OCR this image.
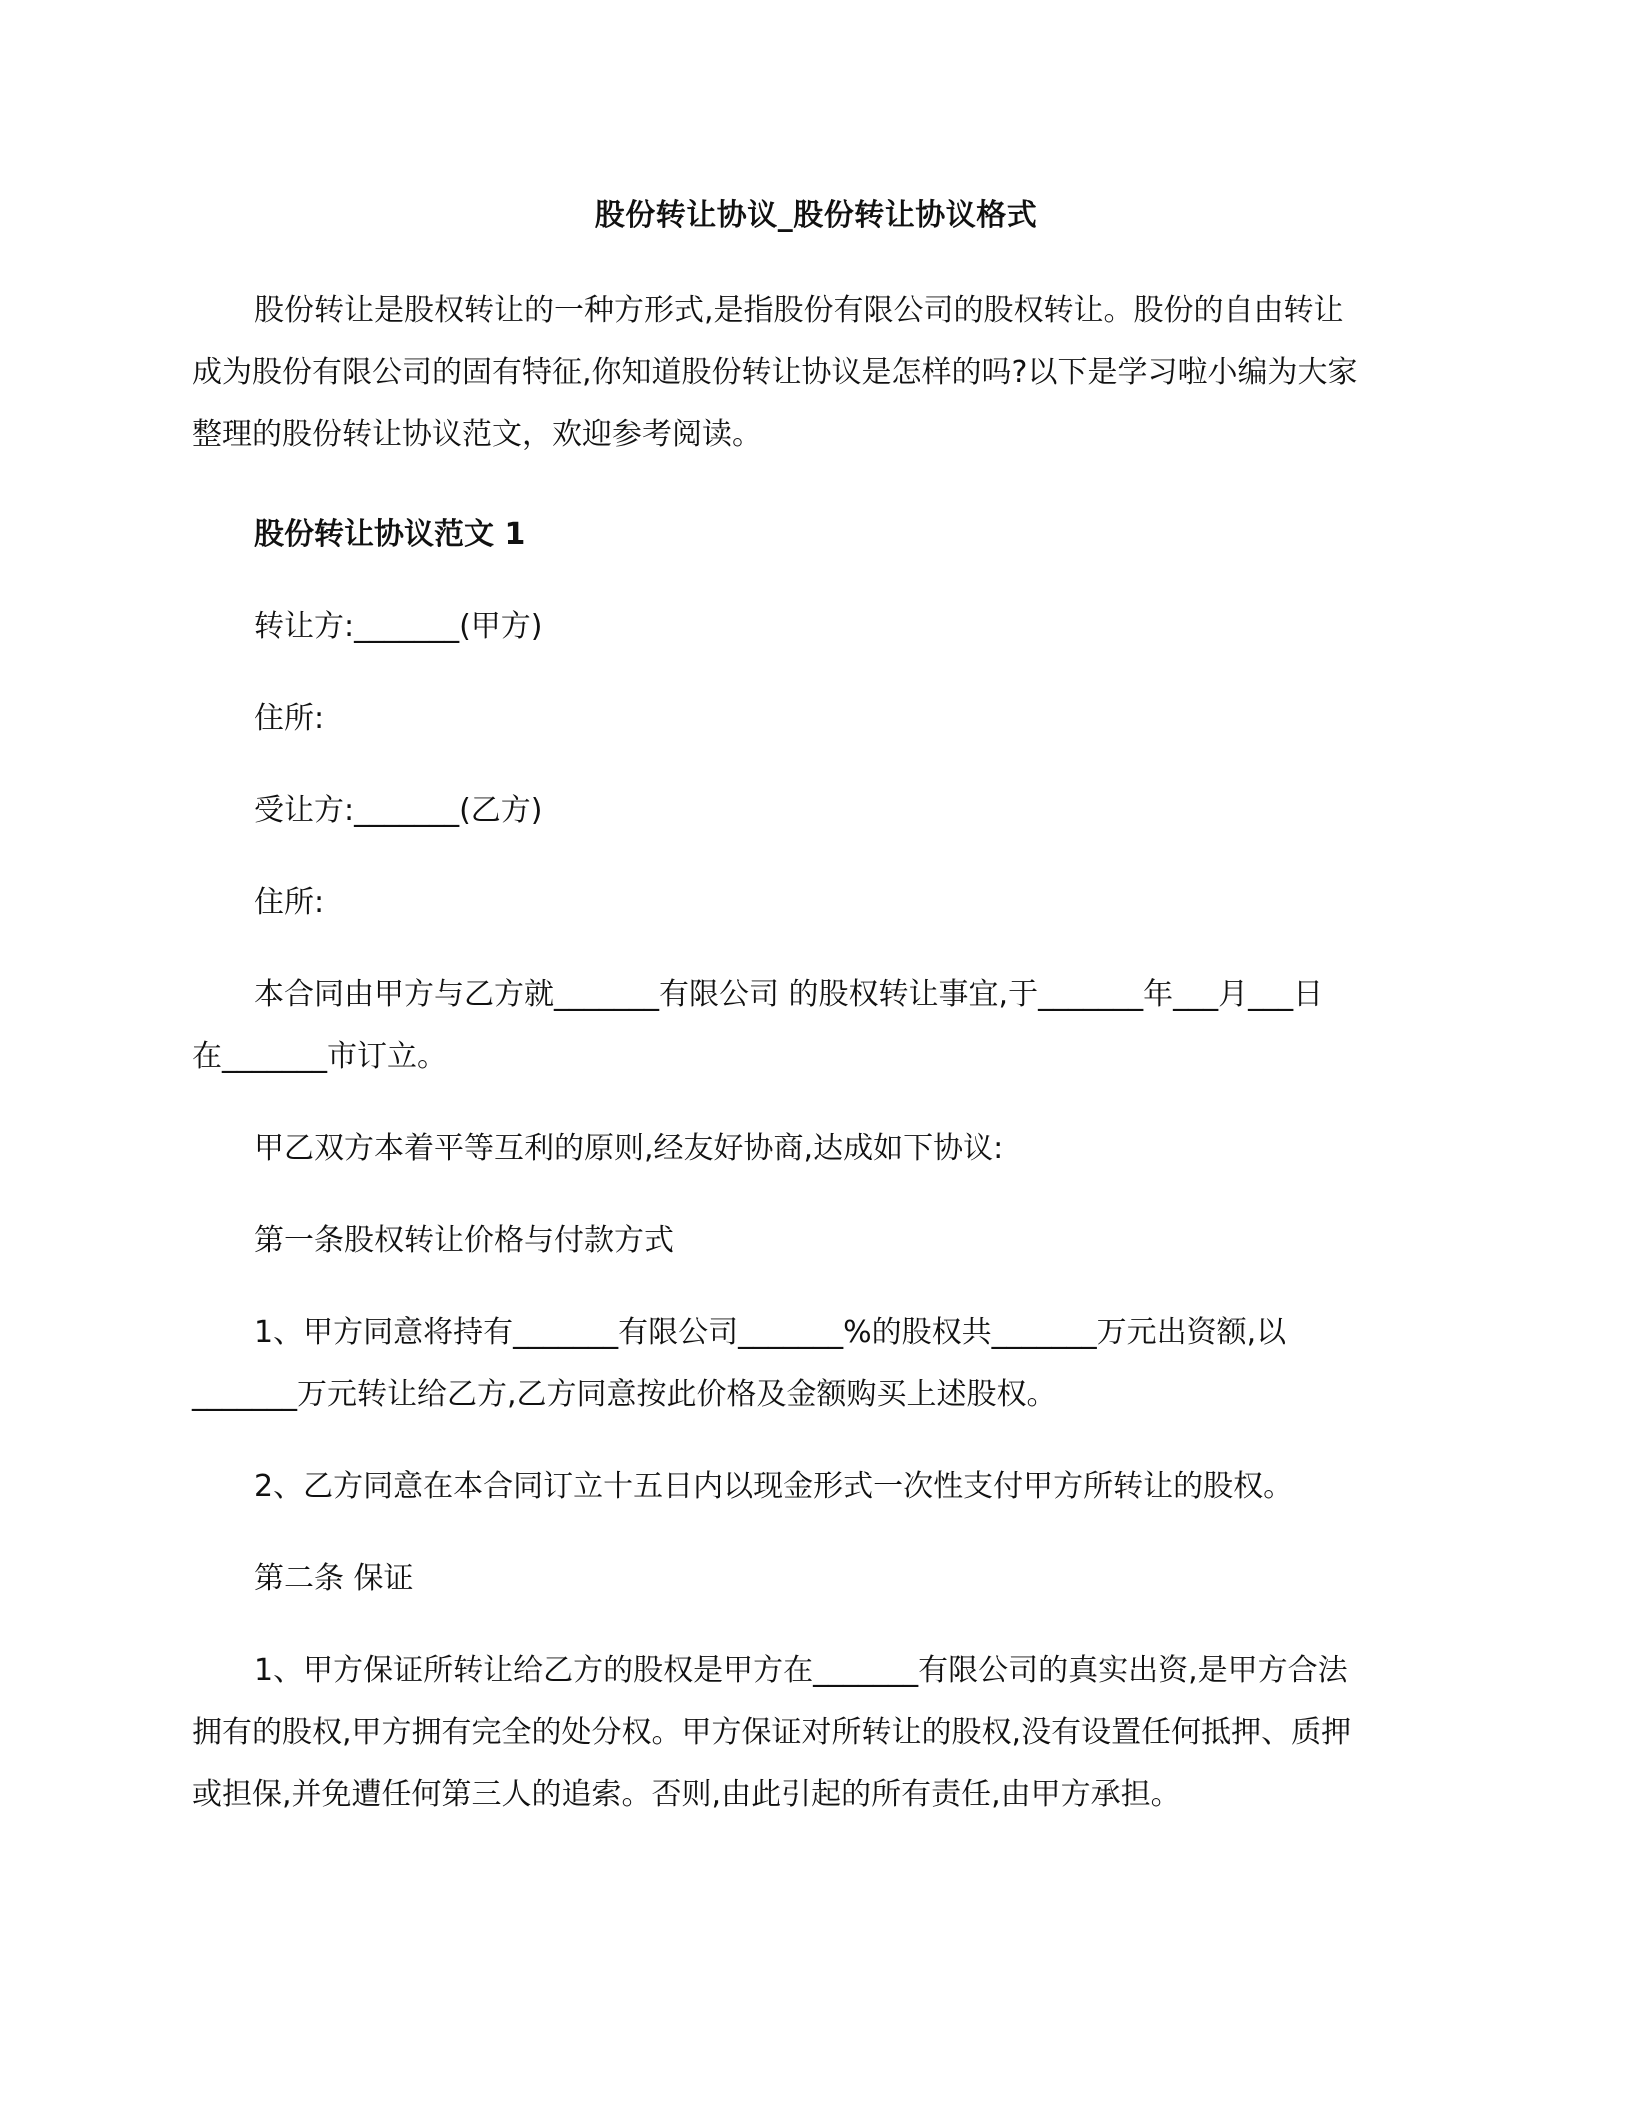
股份转让协议_股份转让协议格式
股份转让是股权转让的一种方形式,是指股份有限公司的股权转让。股份的自由转让
成为股份有限公司的固有特征,你知道股份转让协议是怎样的吗?以下是学习啦小编为大家
整理的股份转让协议范文，欢迎参考阅读。
股份转让协议范文 1
转让方:_______(甲方)
住所:
受让方:_______(乙方)
住所:
本合同由甲方与乙方就_______有限公司 的股权转让事宜,于_______年___月___日
在_______市订立。
甲乙双方本着平等互利的原则,经友好协商,达成如下协议:
第一条股权转让价格与付款方式
1、甲方同意将持有_______有限公司_______%的股权共_______万元出资额,以
_______万元转让给乙方,乙方同意按此价格及金额购买上述股权。
2、乙方同意在本合同订立十五日内以现金形式一次性支付甲方所转让的股权。
第二条 保证
1、甲方保证所转让给乙方的股权是甲方在_______有限公司的真实出资,是甲方合法
拥有的股权,甲方拥有完全的处分权。甲方保证对所转让的股权,没有设置任何抵押、质押
或担保,并免遭任何第三人的追索。否则,由此引起的所有责任,由甲方承担。
